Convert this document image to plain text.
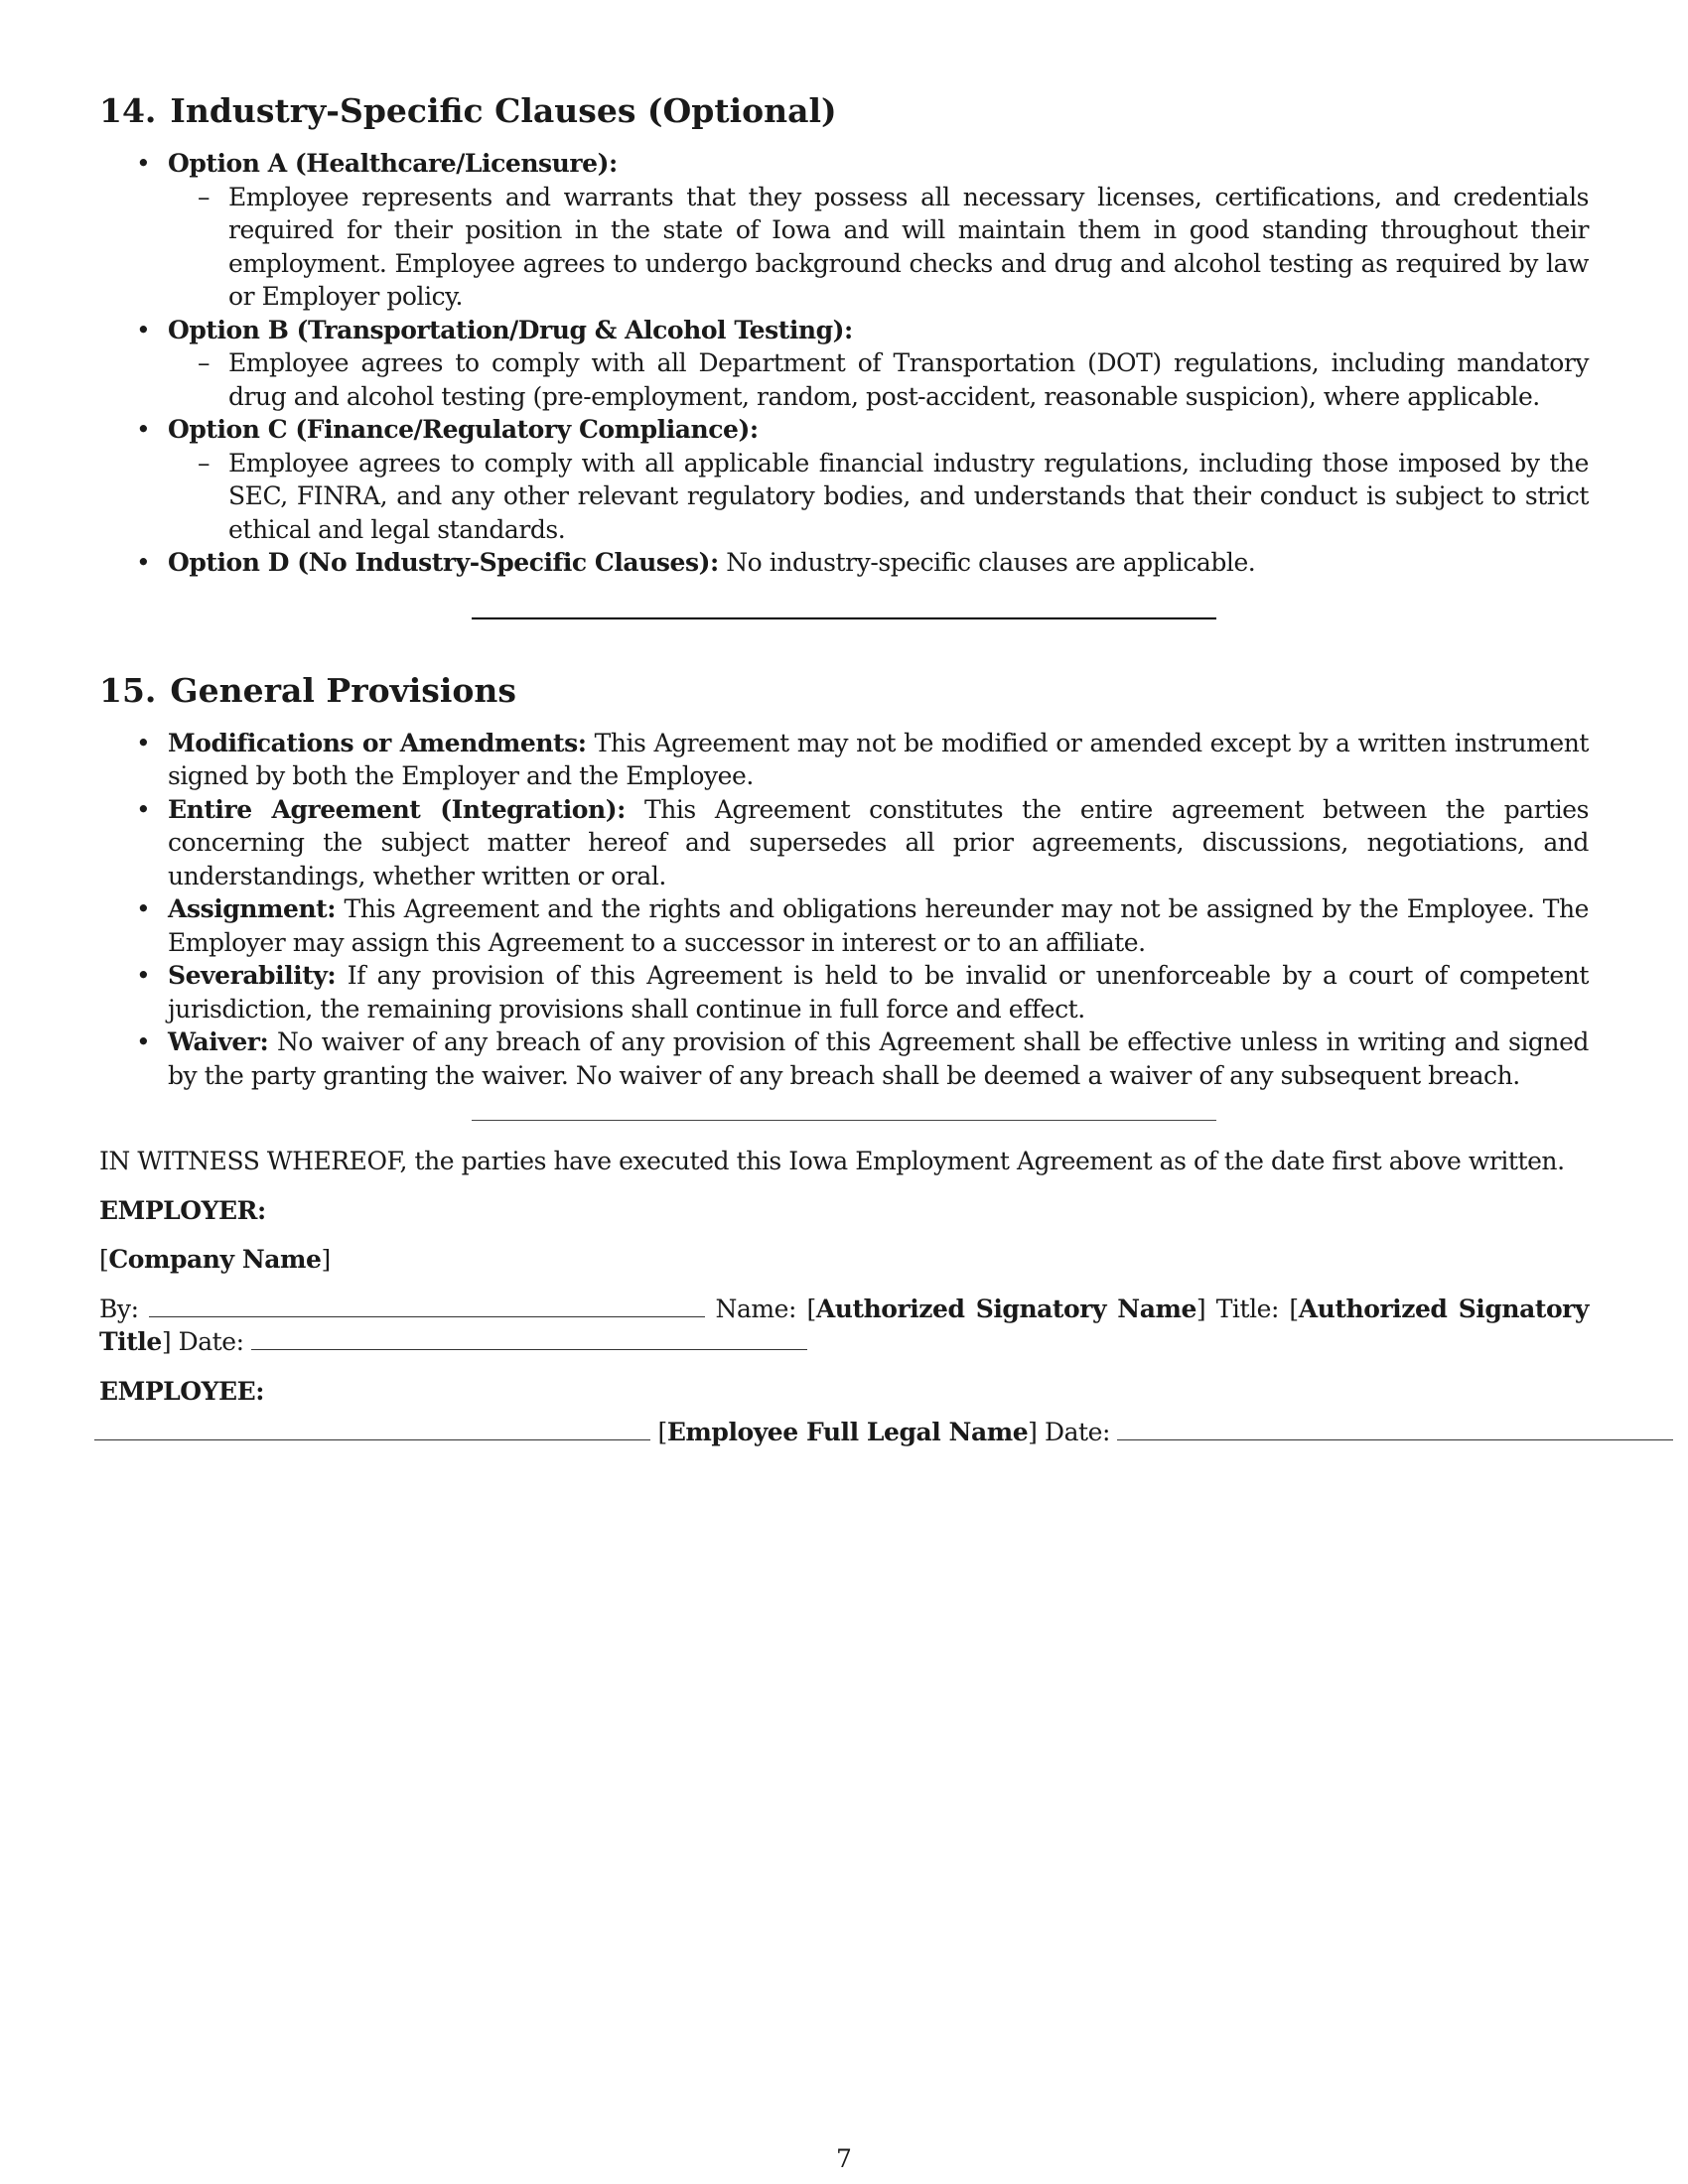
14. Industry-Specific Clauses (Optional)
• Option A (Healthcare/Licensure):
– Employee represents and warrants that they possess all necessary licenses, certifications, and credentials required for their position in the state of Iowa and will maintain them in good standing throughout their employment. Employee agrees to undergo background checks and drug and alcohol testing as required by law or Employer policy.
• Option B (Transportation/Drug & Alcohol Testing):
– Employee agrees to comply with all Department of Transportation (DOT) regulations, including mandatory drug and alcohol testing (pre-employment, random, post-accident, reasonable suspicion), where applicable.
• Option C (Finance/Regulatory Compliance):
– Employee agrees to comply with all applicable financial industry regulations, including those imposed by the SEC, FINRA, and any other relevant regulatory bodies, and understands that their conduct is subject to strict ethical and legal standards.
• Option D (No Industry-Specific Clauses): No industry-specific clauses are applicable.
15. General Provisions
• Modifications or Amendments: This Agreement may not be modified or amended except by a written instrument signed by both the Employer and the Employee.
• Entire Agreement (Integration): This Agreement constitutes the entire agreement between the parties concerning the subject matter hereof and supersedes all prior agreements, discussions, negotiations, and understandings, whether written or oral.
• Assignment: This Agreement and the rights and obligations hereunder may not be assigned by the Employee. The Employer may assign this Agreement to a successor in interest or to an affiliate.
• Severability: If any provision of this Agreement is held to be invalid or unenforceable by a court of competent jurisdiction, the remaining provisions shall continue in full force and effect.
• Waiver: No waiver of any breach of any provision of this Agreement shall be effective unless in writing and signed by the party granting the waiver. No waiver of any breach shall be deemed a waiver of any subsequent breach.
IN WITNESS WHEREOF, the parties have executed this Iowa Employment Agreement as of the date first above written.
EMPLOYER:
[Company Name]
By:	Name: [Authorized Signatory Name] Title: [Authorized Signatory Title] Date:
EMPLOYEE:
[Employee Full Legal Name] Date:
7
